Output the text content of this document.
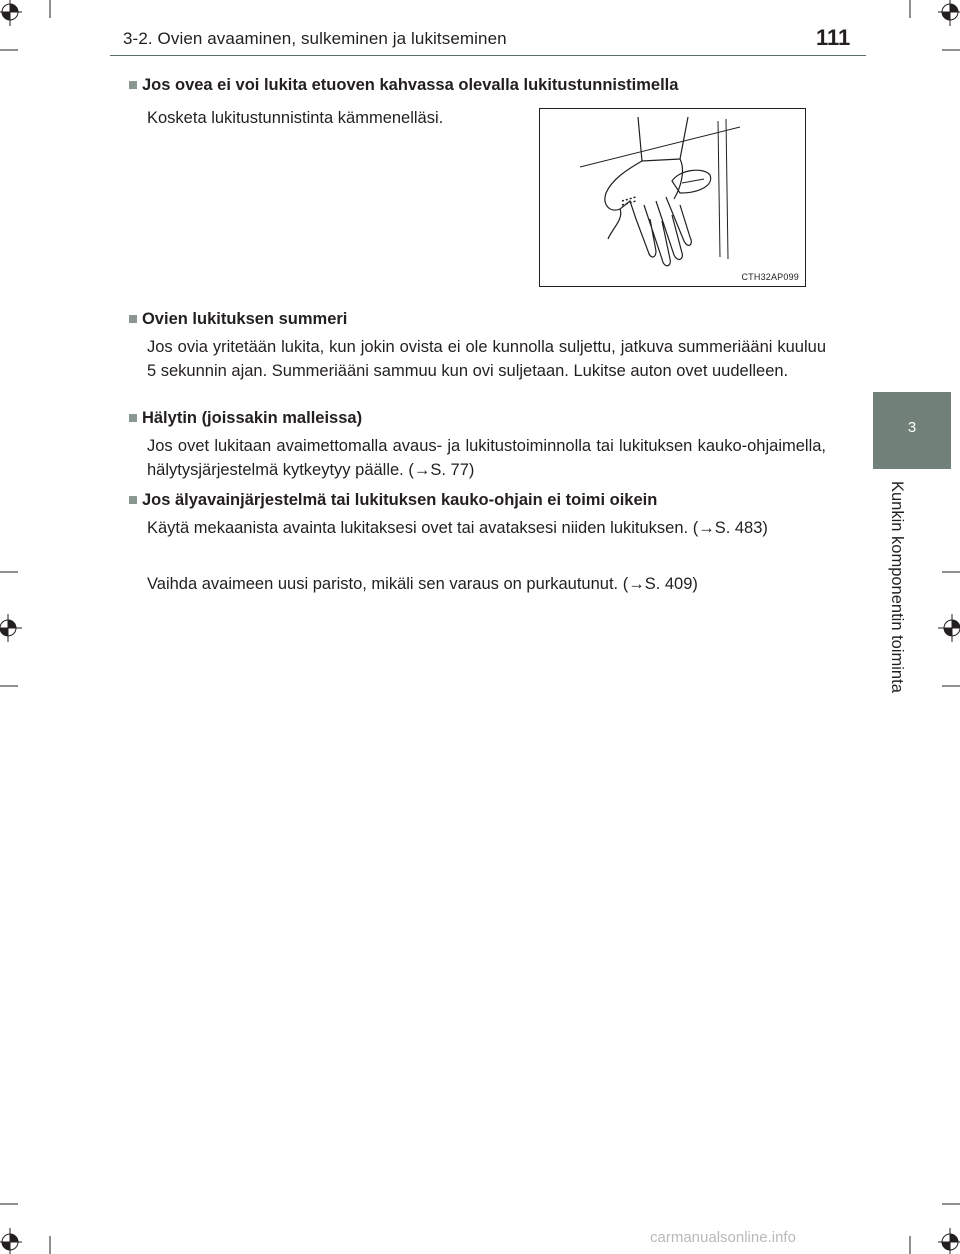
3-2. Ovien avaaminen, sulkeminen ja lukitseminen	111
3
Kunkin komponentin toiminta
■ Jos ovea ei voi lukita etuoven kahvassa olevalla lukitustunnistimella
Kosketa lukitustunnistinta kämmenelläsi.
CTH32AP099
■ Ovien lukituksen summeri
Jos ovia yritetään lukita, kun jokin ovista ei ole kunnolla suljettu, jatkuva summeriääni kuuluu 5 sekunnin ajan. Summeriääni sammuu kun ovi suljetaan. Lukitse auton ovet uudelleen.
■ Hälytin (joissakin malleissa)
Jos ovet lukitaan avaimettomalla avaus- ja lukitustoiminnolla tai lukituksen kauko-ohjaimella, hälytysjärjestelmä kytkeytyy päälle. (→S. 77)
■ Jos älyavainjärjestelmä tai lukituksen kauko-ohjain ei toimi oikein
Käytä mekaanista avainta lukitaksesi ovet tai avataksesi niiden lukituksen. (→S. 483)
Vaihda avaimeen uusi paristo, mikäli sen varaus on purkautunut. (→S. 409)
carmanualsonline.info
